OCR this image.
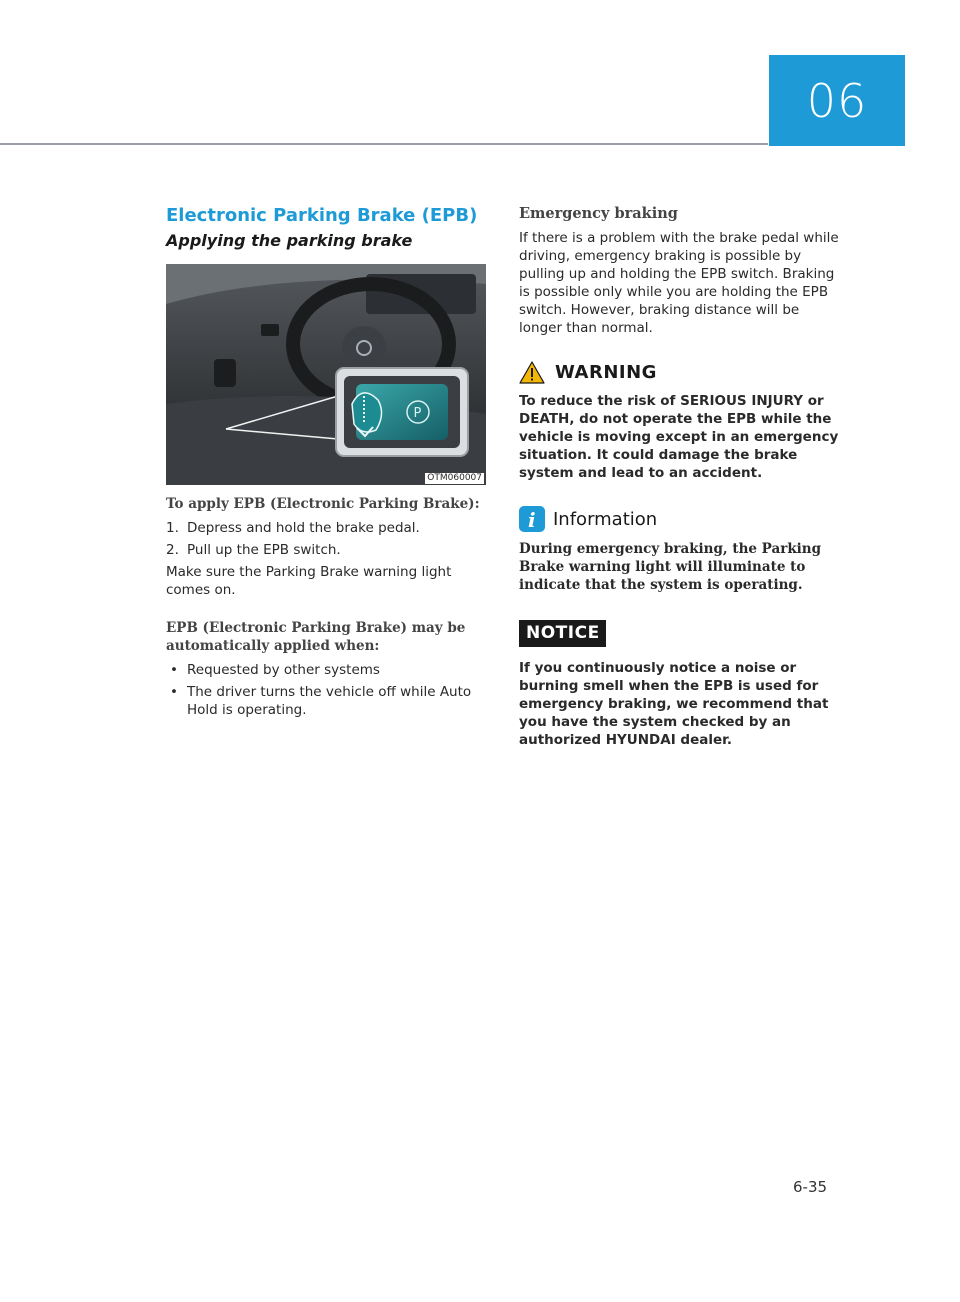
06
Electronic Parking Brake (EPB)
Applying the parking brake
P
OTM060007
To apply EPB (Electronic Parking Brake):
1. Depress and hold the brake pedal.
2. Pull up the EPB switch.
Make sure the Parking Brake warning light comes on.
EPB (Electronic Parking Brake) may be automatically applied when:
• Requested by other systems
• The driver turns the vehicle off while Auto Hold is operating.
Emergency braking
If there is a problem with the brake pedal while driving, emergency braking is possible by pulling up and holding the EPB switch. Braking is possible only while you are holding the EPB switch. However, braking distance will be longer than normal.
WARNING
To reduce the risk of SERIOUS INJURY or DEATH, do not operate the EPB while the vehicle is moving except in an emergency situation. It could damage the brake system and lead to an accident.
i Information
During emergency braking, the Parking Brake warning light will illuminate to indicate that the system is operating.
NOTICE
If you continuously notice a noise or burning smell when the EPB is used for emergency braking, we recommend that you have the system checked by an authorized HYUNDAI dealer.
6-35
